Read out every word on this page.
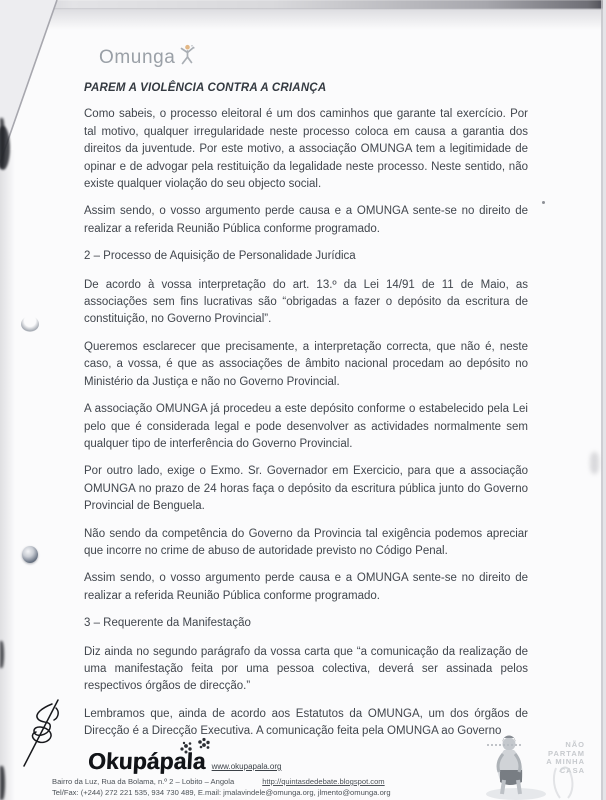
Omunga

PAREM A VIOLÊNCIA CONTRA A CRIANÇA

Como sabeis, o processo eleitoral é um dos caminhos que garante tal exercício. Por tal motivo, qualquer irregularidade neste processo coloca em causa a garantia dos direitos da juventude. Por este motivo, a associação OMUNGA tem a legitimidade de opinar e de advogar pela restituição da legalidade neste processo. Neste sentido, não existe qualquer violação do seu objecto social.

Assim sendo, o vosso argumento perde causa e a OMUNGA sente-se no direito de realizar a referida Reunião Pública conforme programado.

2 – Processo de Aquisição de Personalidade Jurídica

De acordo à vossa interpretação do art. 13.º da Lei 14/91 de 11 de Maio, as associações sem fins lucrativas são “obrigadas a fazer o depósito da escritura de constituição, no Governo Provincial”.

Queremos esclarecer que precisamente, a interpretação correcta, que não é, neste caso, a vossa, é que as associações de âmbito nacional procedam ao depósito no Ministério da Justiça e não no Governo Provincial.

A associação OMUNGA já procedeu a este depósito conforme o estabelecido pela Lei pelo que é considerada legal e pode desenvolver as actividades normalmente sem qualquer tipo de interferência do Governo Provincial.

Por outro lado, exige o Exmo. Sr. Governador em Exercicio, para que a associação OMUNGA no prazo de 24 horas faça o depósito da escritura pública junto do Governo Provincial de Benguela.

Não sendo da competência do Governo da Provincia tal exigência podemos apreciar que incorre no crime de abuso de autoridade previsto no Código Penal.

Assim sendo, o vosso argumento perde causa e a OMUNGA sente-se no direito de realizar a referida Reunião Pública conforme programado.

3 – Requerente da Manifestação

Diz ainda no segundo parágrafo da vossa carta que “a comunicação da realização de uma manifestação feita por uma pessoa colectiva, deverá ser assinada pelos respectivos órgãos de direcção.”

Lembramos que, ainda de acordo aos Estatutos da OMUNGA, um dos órgãos de Direcção é a Direcção Executiva. A comunicação feita pela OMUNGA ao Governo

NÃO
PARTAM
A MINHA
CASA
Okupápala www.okupapala.org
Bairro da Luz, Rua da Bolama, n.º 2 – Lobito – Angola	http://quintasdedebate.blogspot.com
Tel/Fax: (+244) 272 221 535, 934 730 489, E.mail: jmalavindele@omunga.org, jlmento@omunga.org
